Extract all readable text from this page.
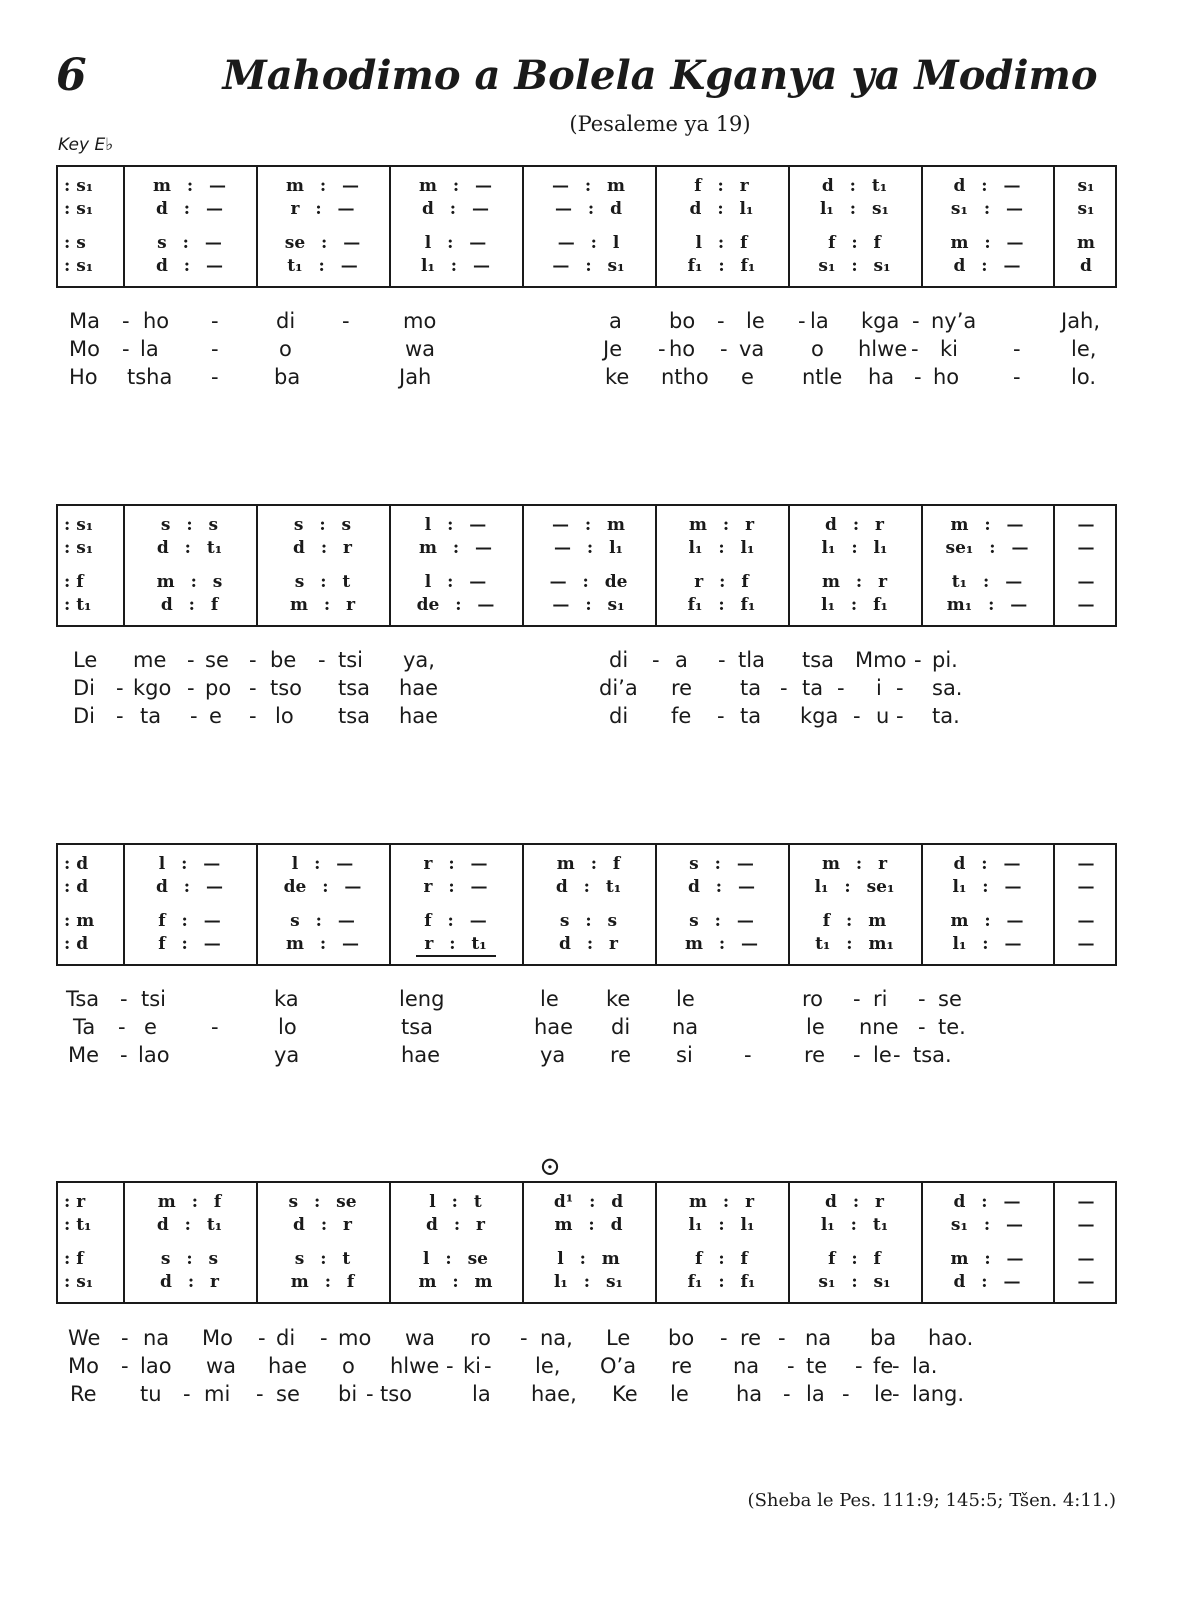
6	Mahodimo a Bolela Kganya ya Modimo
(Pesaleme ya 19)
Key E♭
: s₁	m : —	m : —	m : —	— : m	f : r	d : t₁	d : —	s₁
: s₁	d : —	r : —	d : —	— : d	d : l₁	l₁ : s₁	s₁ : —	s₁
: s	s : —	se : —	l : —	— : l	l : f	f : f	m : —	m
: s₁	d : —	t₁ : —	l₁ : —	— : s₁	f₁ : f₁	s₁ : s₁	d : —	d
Ma - ho -	di -	mo	a bo - le - la kga - ny’a	Jah,
Mo - la -	o	wa	Je - ho - va o hlwe - ki	- le,
Ho tsha -	ba	Jah	ke ntho e ntle ha - ho	- lo.
: s₁	s : s	s : s	l : —	— : m	m : r	d : r	m : —	—
: s₁	d : t₁	d : r	m : —	— : l₁	l₁ : l₁	l₁ : l₁	se₁ : —	—
: f	m : s	s : t	l : —	— : de	r : f	m : r	t₁ : —	—
: t₁	d : f	m : r	de : —	— : s₁	f₁ : f₁	l₁ : f₁	m₁ : —	—
Le me - se - be - tsi ya,	di - a - tla tsa Mmo - pi.
Di - kgo - po - tso tsa hae	di’a re ta - ta - i - sa.
Di - ta - e - lo tsa hae	di fe - ta kga - u - ta.
: d	l : —	l : —	r : —	m : f	s : —	m : r	d : —	—
: d	d : —	de : —	r : —	d : t₁	d : —	l₁ : se₁	l₁ : —	—
: m	f : —	s : —	f : —	s : s	s : —	f : m	m : —	—
: d	f : —	m : —	r : t₁	d : r	m : —	t₁ : m₁	l₁ : —	—
Tsa - tsi	ka	leng	le ke le	ro - ri - se
Ta - e	-	lo	tsa	hae di na	le nne - te.
Me - lao	ya	hae	ya re si - re - le - tsa.
: r	m : f	s : se	l : t	d¹ : d	m : r	d : r	d : —	—
: t₁	d : t₁	d : r	d : r	m : d	l₁ : l₁	l₁ : t₁	s₁ : —	—
: f	s : s	s : t	l : se	l : m	f : f	f : f	m : —	—
: s₁	d : r	m : f	m : m	l₁ : s₁	f₁ : f₁	s₁ : s₁	d : —	—
⊙
We - na Mo - di - mo wa ro - na, Le bo - re - na ba hao.
Mo - lao wa hae o hlwe - ki - le, O’a re na - te - fe
- la.
Re tu - mi - se bi - tso	la hae, Ke le ha - la - le - lang.
(Sheba le Pes. 111:9; 145:5; Tšen. 4:11.)
